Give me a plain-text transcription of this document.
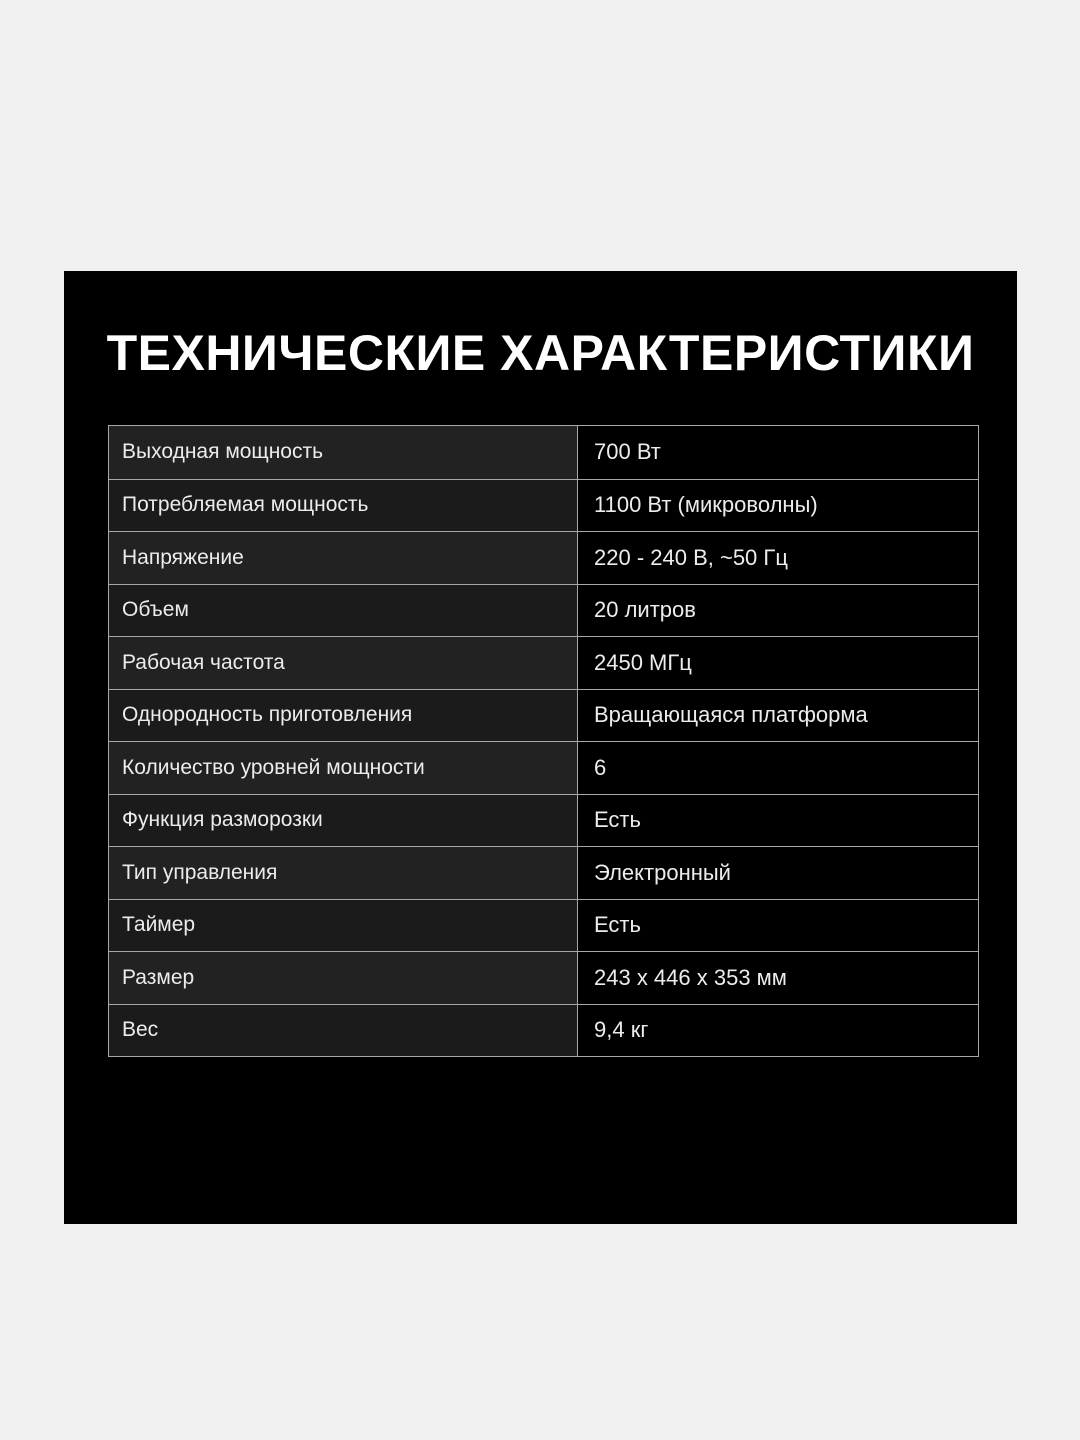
ТЕХНИЧЕСКИЕ ХАРАКТЕРИСТИКИ
Выходная мощность	700 Вт
Потребляемая мощность	1100 Вт (микроволны)
Напряжение	220 - 240 В, ~50 Гц
Объем	20 литров
Рабочая частота	2450 МГц
Однородность приготовления	Вращающаяся платформа
Количество уровней мощности	6
Функция разморозки	Есть
Тип управления	Электронный
Таймер	Есть
Размер	243 х 446 х 353 мм
Вес	9,4 кг
